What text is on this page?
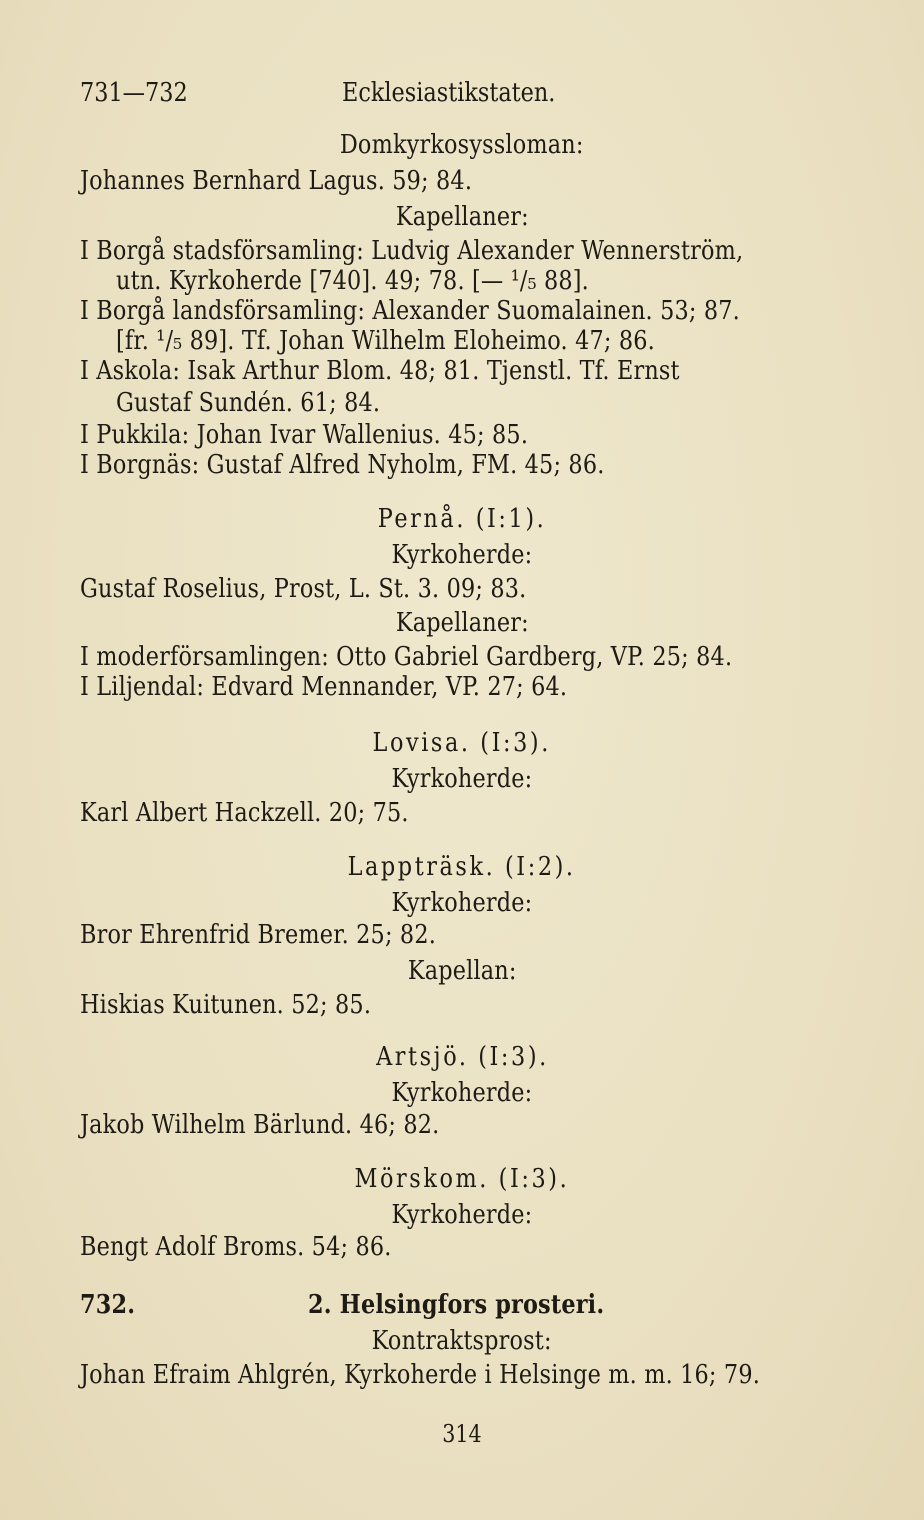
731—732	Ecklesiastikstaten.
Domkyrkosyssloman:
Johannes Bernhard Lagus. 59; 84.
Kapellaner:
I Borgå stadsförsamling: Ludvig Alexander Wennerström,
utn. Kyrkoherde [740]. 49; 78. [— ¹/₅ 88].
I Borgå landsförsamling: Alexander Suomalainen. 53; 87.
[fr. ¹/₅ 89]. Tf. Johan Wilhelm Eloheimo. 47; 86.
I Askola: Isak Arthur Blom. 48; 81. Tjenstl. Tf. Ernst
Gustaf Sundén. 61; 84.
I Pukkila: Johan Ivar Wallenius. 45; 85.
I Borgnäs: Gustaf Alfred Nyholm, FM. 45; 86.
Pernå. (I:1).
Kyrkoherde:
Gustaf Roselius, Prost, L. St. 3. 09; 83.
Kapellaner:
I moderförsamlingen: Otto Gabriel Gardberg, VP. 25; 84.
I Liljendal: Edvard Mennander, VP. 27; 64.
Lovisa. (I:3).
Kyrkoherde:
Karl Albert Hackzell. 20; 75.
Lappträsk. (I:2).
Kyrkoherde:
Bror Ehrenfrid Bremer. 25; 82.
Kapellan:
Hiskias Kuitunen. 52; 85.
Artsjö. (I:3).
Kyrkoherde:
Jakob Wilhelm Bärlund. 46; 82.
Mörskom. (I:3).
Kyrkoherde:
Bengt Adolf Broms. 54; 86.
732.	2. Helsingfors prosteri.
Kontraktsprost:
Johan Efraim Ahlgrén, Kyrkoherde i Helsinge m. m. 16; 79.
314
